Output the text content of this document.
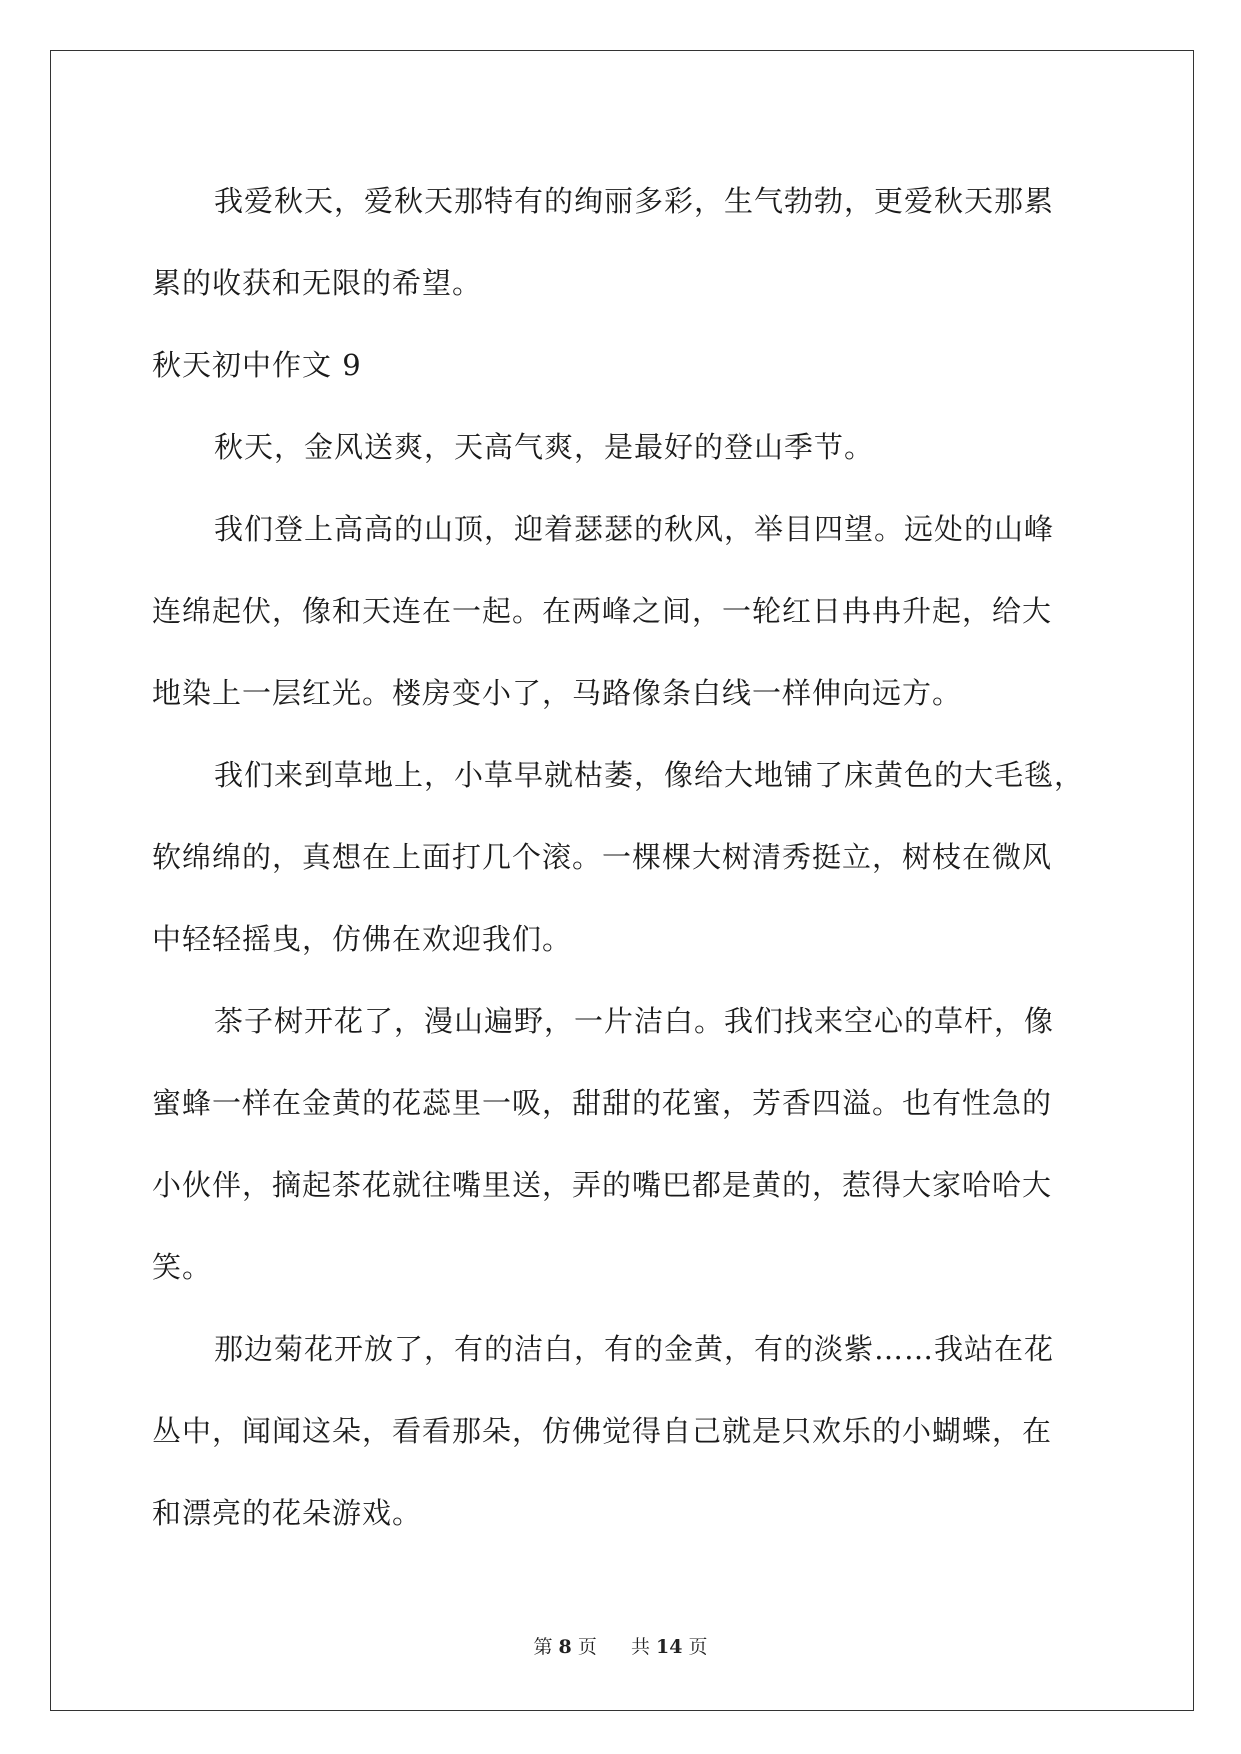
我爱秋天，爱秋天那特有的绚丽多彩，生气勃勃，更爱秋天那累
累的收获和无限的希望。

秋天初中作文 9

秋天，金风送爽，天高气爽，是最好的登山季节。

我们登上高高的山顶，迎着瑟瑟的秋风，举目四望。远处的山峰
连绵起伏，像和天连在一起。在两峰之间，一轮红日冉冉升起，给大
地染上一层红光。楼房变小了，马路像条白线一样伸向远方。

我们来到草地上，小草早就枯萎，像给大地铺了床黄色的大毛毯，
软绵绵的，真想在上面打几个滚。一棵棵大树清秀挺立，树枝在微风
中轻轻摇曳，仿佛在欢迎我们。

茶子树开花了，漫山遍野，一片洁白。我们找来空心的草杆，像
蜜蜂一样在金黄的花蕊里一吸，甜甜的花蜜，芳香四溢。也有性急的
小伙伴，摘起茶花就往嘴里送，弄的嘴巴都是黄的，惹得大家哈哈大
笑。

那边菊花开放了，有的洁白，有的金黄，有的淡紫……我站在花
丛中，闻闻这朵，看看那朵，仿佛觉得自己就是只欢乐的小蝴蝶，在
和漂亮的花朵游戏。

第 8 页 共 14 页
